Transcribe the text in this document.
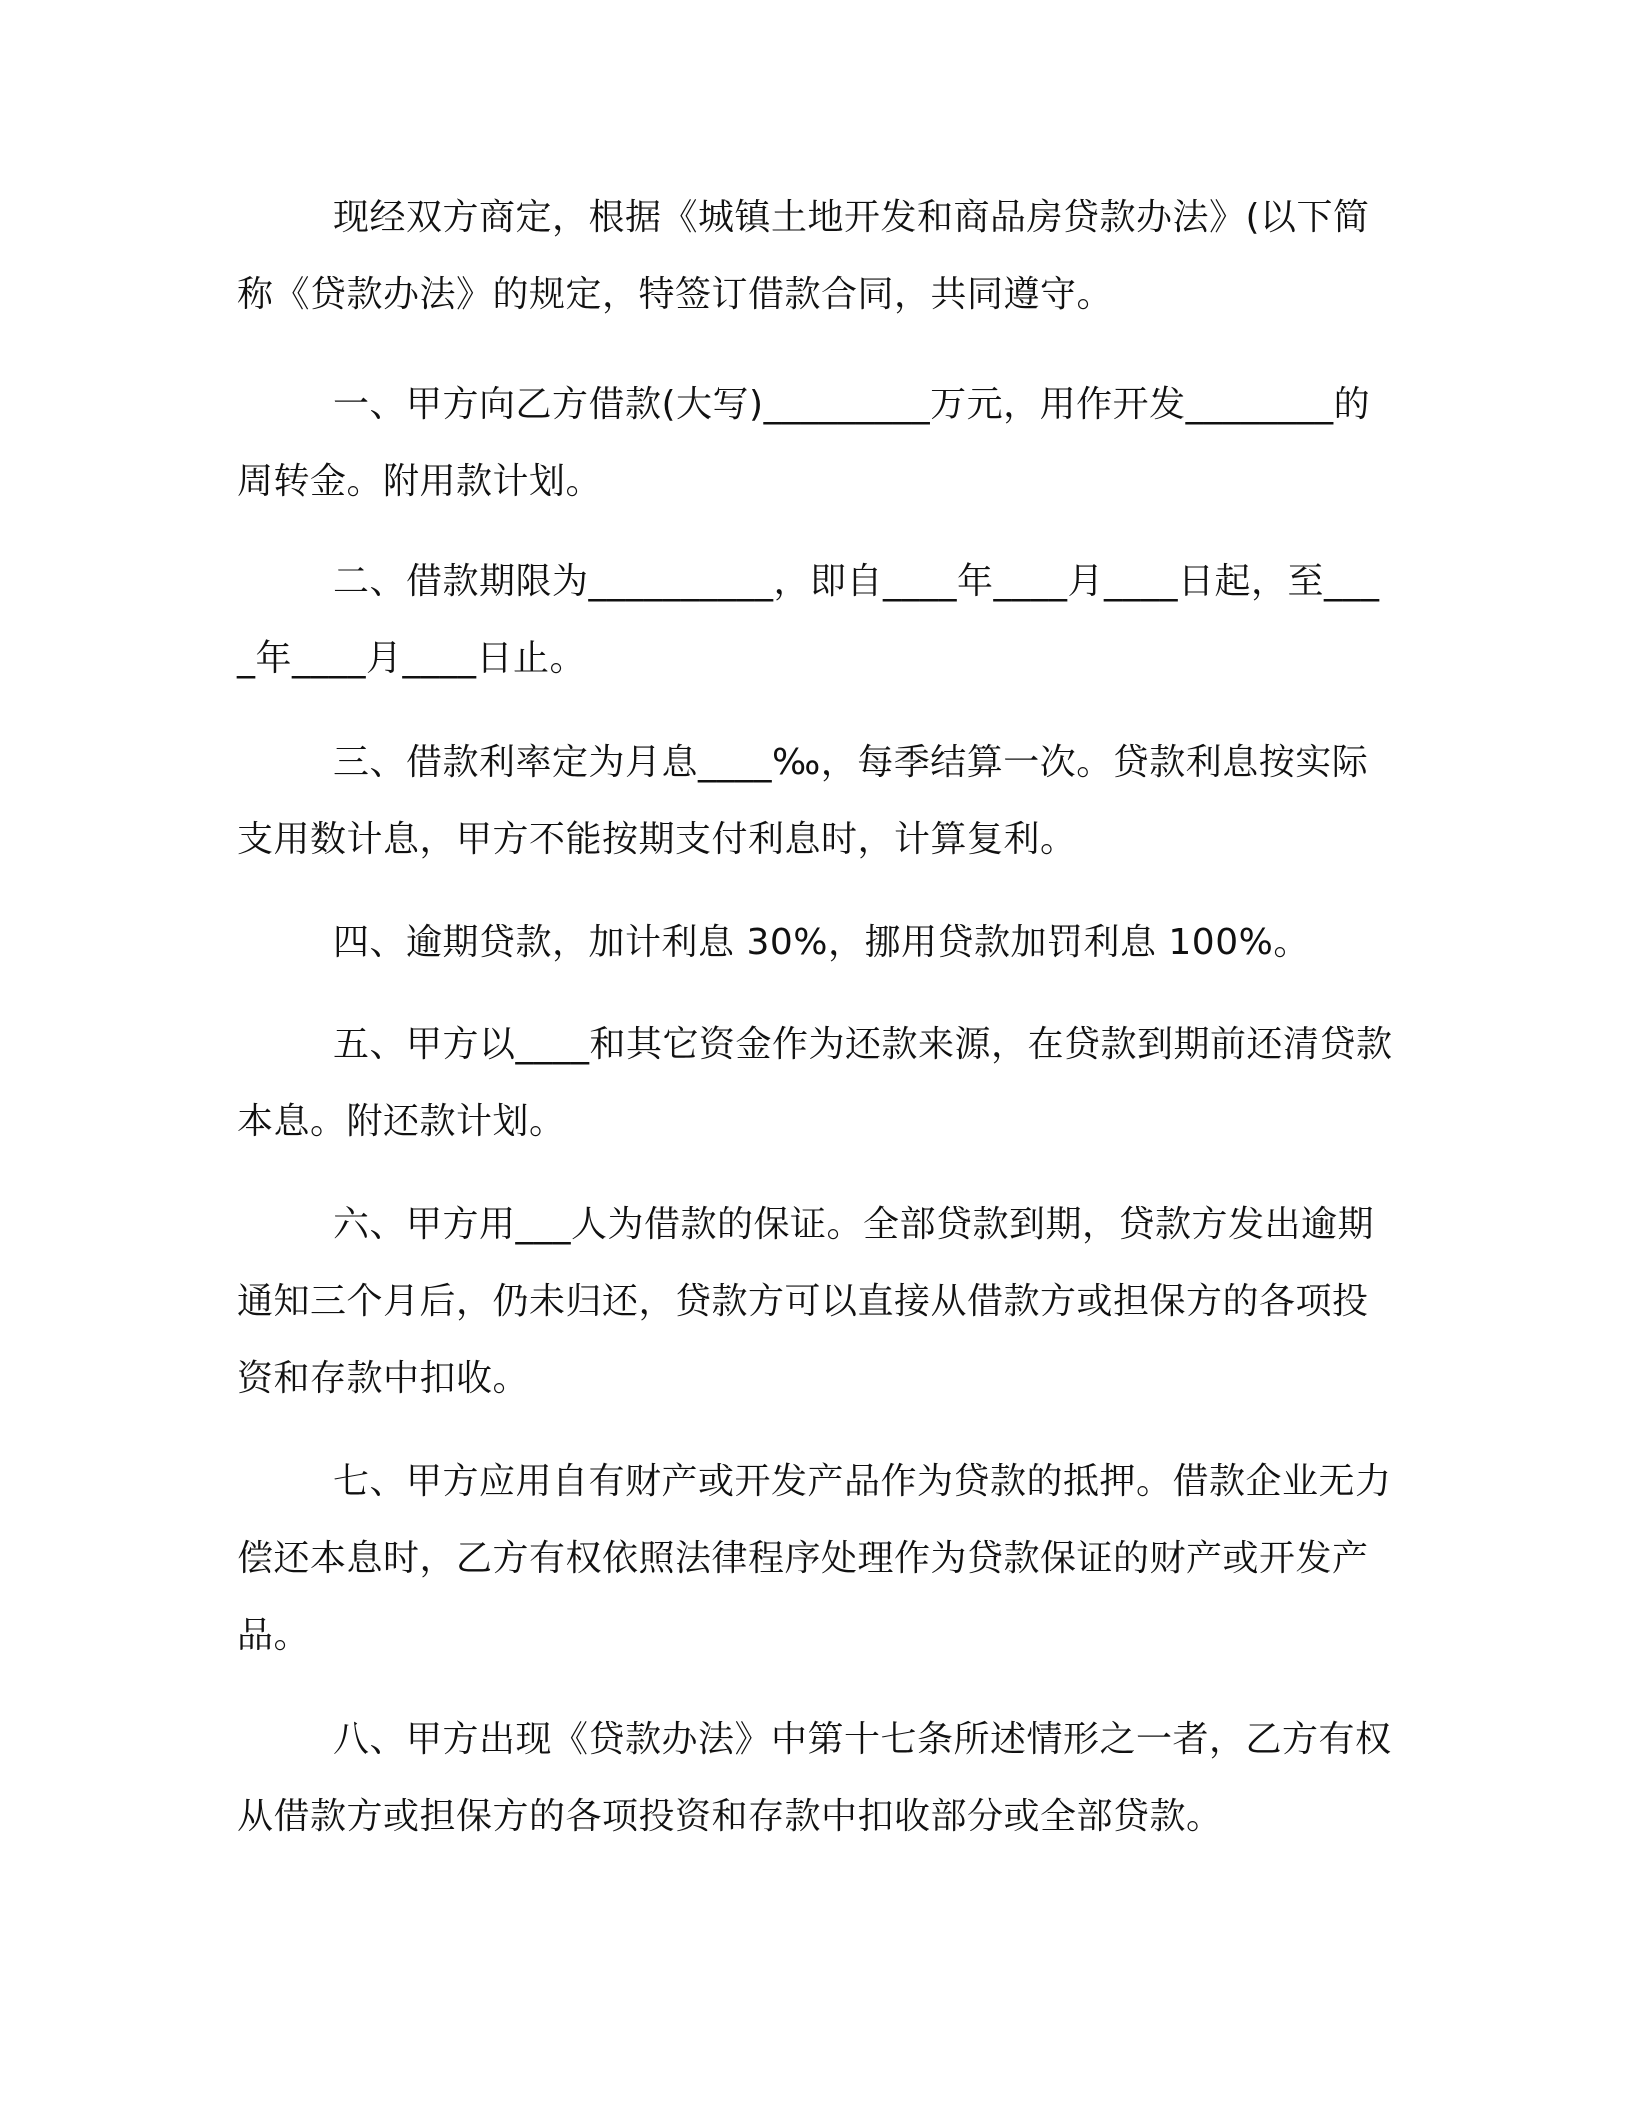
现经双方商定，根据《城镇土地开发和商品房贷款办法》(以下简称《贷款办法》的规定，特签订借款合同，共同遵守。

一、甲方向乙方借款(大写)_________万元，用作开发________的周转金。附用款计划。

二、借款期限为__________，即自____年____月____日起，至____年____月____日止。

三、借款利率定为月息____‰，每季结算一次。贷款利息按实际支用数计息，甲方不能按期支付利息时，计算复利。

四、逾期贷款，加计利息 30%，挪用贷款加罚利息 100%。

五、甲方以____和其它资金作为还款来源，在贷款到期前还清贷款本息。附还款计划。

六、甲方用___人为借款的保证。全部贷款到期，贷款方发出逾期通知三个月后，仍未归还，贷款方可以直接从借款方或担保方的各项投资和存款中扣收。

七、甲方应用自有财产或开发产品作为贷款的抵押。借款企业无力偿还本息时，乙方有权依照法律程序处理作为贷款保证的财产或开发产品。

八、甲方出现《贷款办法》中第十七条所述情形之一者，乙方有权从借款方或担保方的各项投资和存款中扣收部分或全部贷款。
